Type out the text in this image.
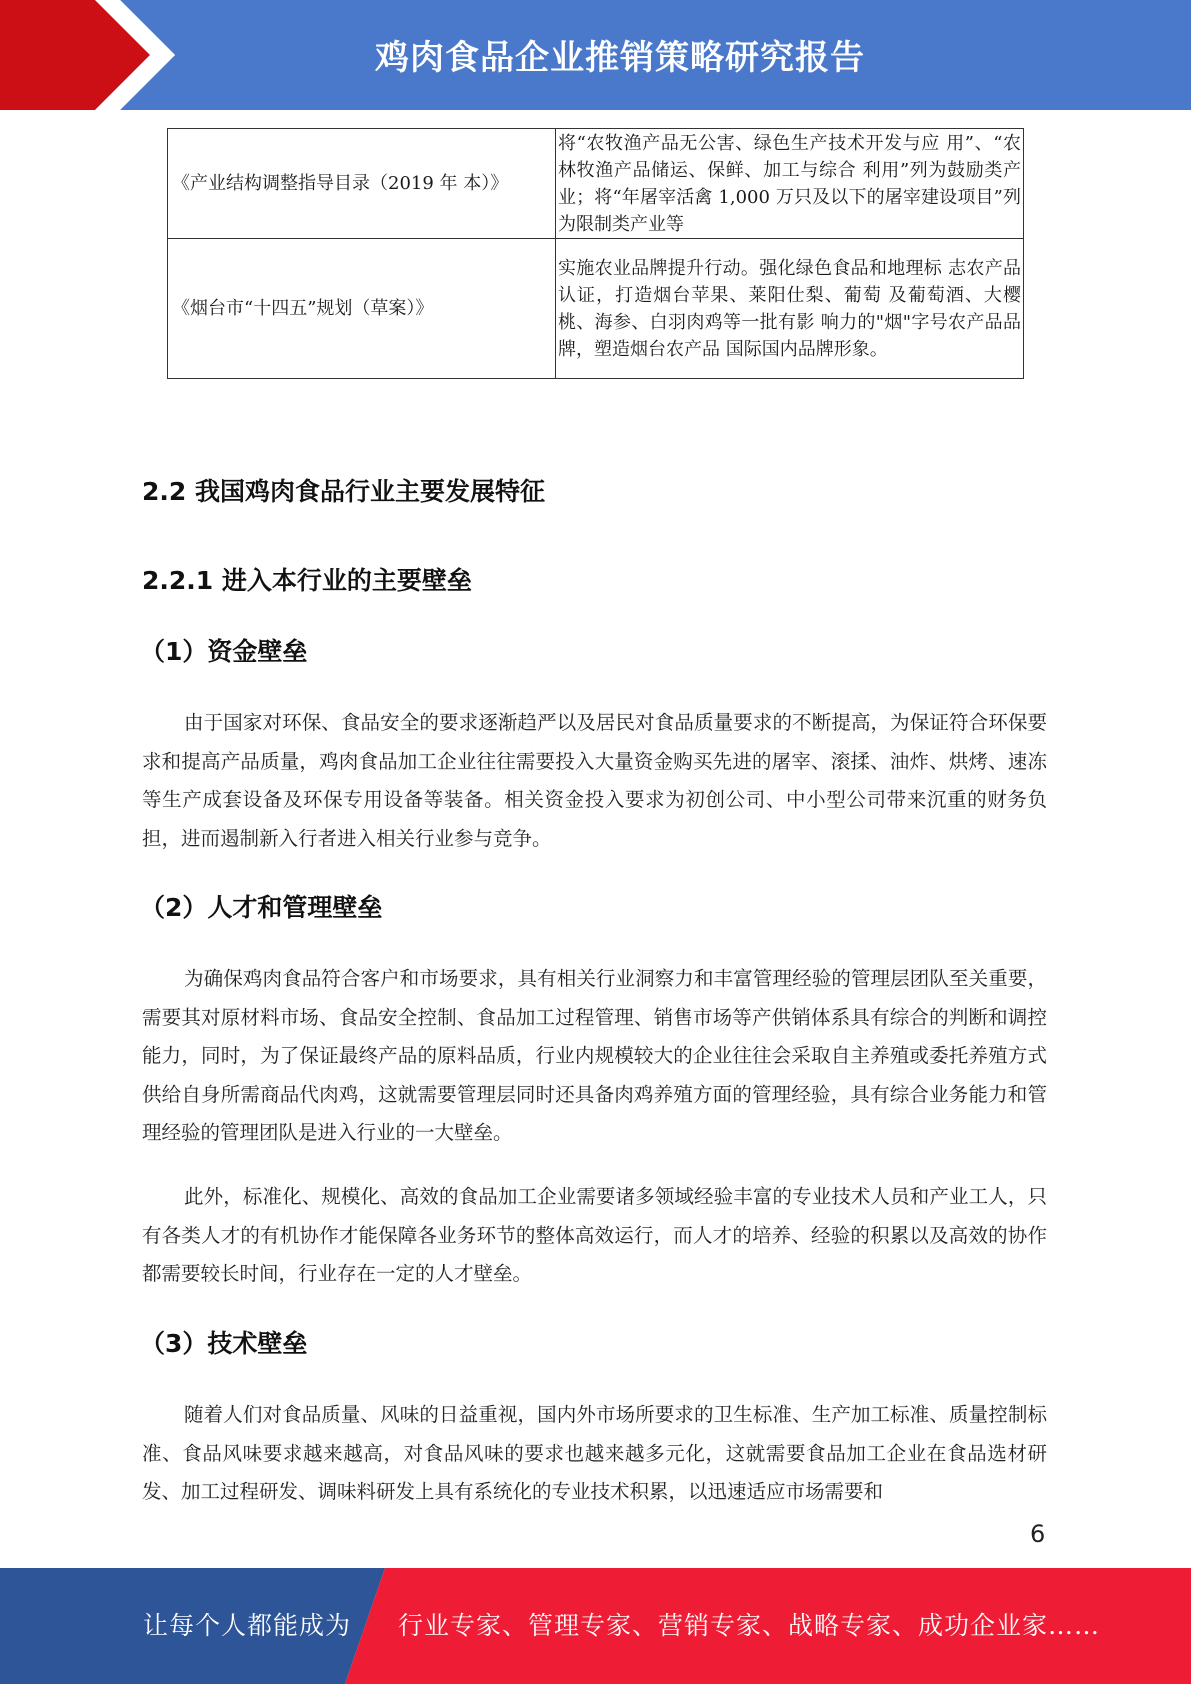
鸡肉食品企业推销策略研究报告
《产业结构调整指导目录（2019 年 本）》	将“农牧渔产品无公害、绿色生产技术开发与应 用”、“农林牧渔产品储运、保鲜、加工与综合 利用”列为鼓励类产业；将“年屠宰活禽 1,000 万只及以下的屠宰建设项目”列为限制类产业等
《烟台市“十四五”规划（草案）》	实施农业品牌提升行动。强化绿色食品和地理标 志农产品认证，打造烟台苹果、莱阳仕梨、葡萄 及葡萄酒、大樱桃、海参、白羽肉鸡等一批有影 响力的"烟"字号农产品品牌，塑造烟台农产品 国际国内品牌形象。
2.2 我国鸡肉食品行业主要发展特征
2.2.1 进入本行业的主要壁垒
（1）资金壁垒
由于国家对环保、食品安全的要求逐渐趋严以及居民对食品质量要求的不断提高，为保证符合环保要求和提高产品质量，鸡肉食品加工企业往往需要投入大量资金购买先进的屠宰、滚揉、油炸、烘烤、速冻等生产成套设备及环保专用设备等装备。相关资金投入要求为初创公司、中小型公司带来沉重的财务负担，进而遏制新入行者进入相关行业参与竞争。
（2）人才和管理壁垒
为确保鸡肉食品符合客户和市场要求，具有相关行业洞察力和丰富管理经验的管理层团队至关重要，需要其对原材料市场、食品安全控制、食品加工过程管理、销售市场等产供销体系具有综合的判断和调控能力，同时，为了保证最终产品的原料品质，行业内规模较大的企业往往会采取自主养殖或委托养殖方式供给自身所需商品代肉鸡，这就需要管理层同时还具备肉鸡养殖方面的管理经验，具有综合业务能力和管理经验的管理团队是进入行业的一大壁垒。
此外，标准化、规模化、高效的食品加工企业需要诸多领域经验丰富的专业技术人员和产业工人，只有各类人才的有机协作才能保障各业务环节的整体高效运行，而人才的培养、经验的积累以及高效的协作都需要较长时间，行业存在一定的人才壁垒。
（3）技术壁垒
随着人们对食品质量、风味的日益重视，国内外市场所要求的卫生标准、生产加工标准、质量控制标准、食品风味要求越来越高，对食品风味的要求也越来越多元化，这就需要食品加工企业在食品选材研发、加工过程研发、调味料研发上具有系统化的专业技术积累，以迅速适应市场需要和
6
让每个人都能成为 行业专家、管理专家、营销专家、战略专家、成功企业家……
